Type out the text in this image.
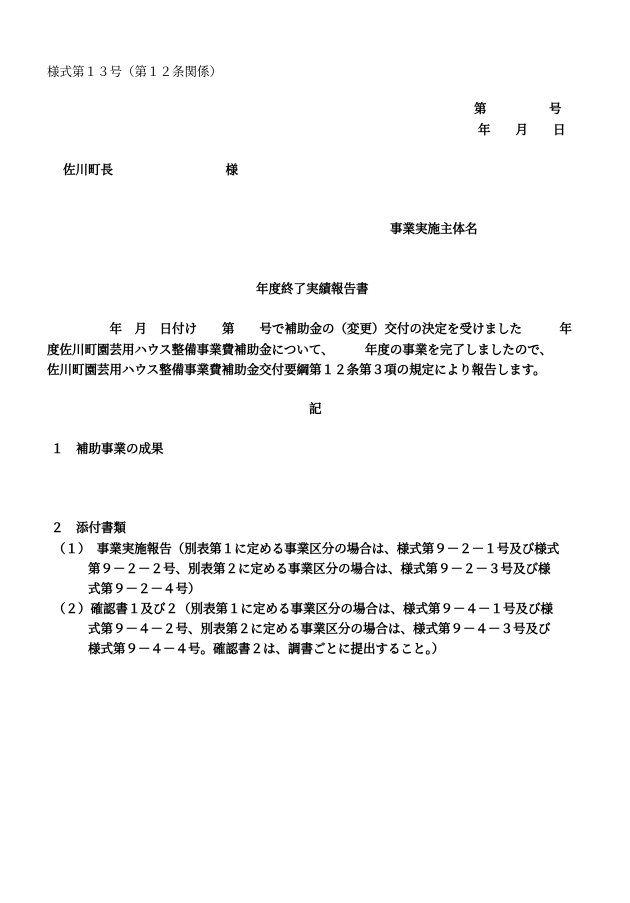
様式第１３号（第１２条関係）
第　　　　　号
年　　月　　日
佐川町長　　　　　　　　　様
事業実施主体名
年度終了実績報告書
　　　　　年　月　日付け　　第　　号で補助金の（変更）交付の決定を受けました　　　年
度佐川町園芸用ハウス整備事業費補助金について、　　　年度の事業を完了しましたので、
佐川町園芸用ハウス整備事業費補助金交付要綱第１２条第３項の規定により報告します。
記
１　補助事業の成果
２　添付書類
（１）　事業実施報告（別表第１に定める事業区分の場合は、様式第９－２－１号及び様式
第９－２－２号、別表第２に定める事業区分の場合は、様式第９－２－３号及び様
式第９－２－４号）
（２）確認書１及び２（別表第１に定める事業区分の場合は、様式第９－４－１号及び様
式第９－４－２号、別表第２に定める事業区分の場合は、様式第９－４－３号及び
様式第９－４－４号。確認書２は、調書ごとに提出すること。）
